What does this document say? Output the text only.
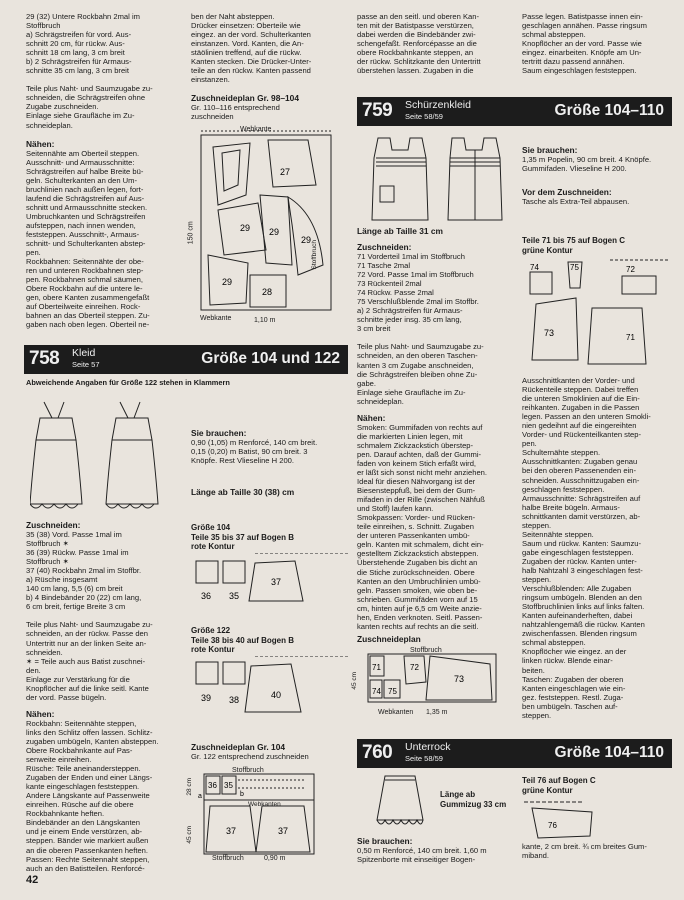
29 (32) Untere Rockbahn 2mal im
Stoffbruch
a) Schrägstreifen für vord. Aus-
schnitt 20 cm, für rückw. Aus-
schnitt 18 cm lang, 3 cm breit
b) 2 Schrägstreifen für Armaus-
schnitte 35 cm lang, 3 cm breit
Teile plus Naht- und Saumzugabe zu-
schneiden, die Schrägstreifen ohne
Zugabe zuschneiden.
Einlage siehe Graufläche im Zu-
schneideplan.
Nähen:
Seitennähte am Oberteil steppen.
Ausschnitt- und Armausschnitte:
Schrägstreifen auf halbe Breite bü-
geln. Schulterkanten an den Um-
bruchlinien nach außen legen, fort-
laufend die Schrägstreifen auf Aus-
schnitt und Armausschnitte stecken.
Umbruchkanten und Schrägstreifen
aufsteppen, nach innen wenden,
feststeppen. Ausschnitt-, Armaus-
schnitt- und Schulterkanten abstep-
pen.
Rockbahnen: Seitennähte der obe-
ren und unteren Rockbahnen step-
pen. Rockbahnen schmal säumen,
Obere Rockbahn auf die untere le-
gen, obere Kanten zusammengefaßt
auf Oberteilweite einreihen. Rock-
bahnen an das Oberteil steppen. Zu-
gaben nach oben legen. Oberteil ne-
ben der Naht absteppen.
Drücker einsetzen: Oberteile wie
eingez. an der vord. Schulterkanten
einstanzen. Vord. Kanten, die An-
stäölinien treffend, auf die rückw.
Kanten stecken. Die Drücker-Unter-
teile an den rückw. Kanten passend
einstanzen.
Zuschneideplan Gr. 98–104
Gr. 110–116 entsprechend
zuschneiden
27
29 29
29
29
28
Webkante
150 cm
Webkante	1,10 m
Stoffbruch
758 Kleid
Seite 57	Größe 104 und 122
Abweichende Angaben für Größe 122 stehen in Klammern
Sie brauchen:
0,90 (1,05) m Renforcé, 140 cm breit.
0,15 (0,20) m Batist, 90 cm breit. 3
Knöpfe. Rest Vlieseline H 200.
Länge ab Taille 30 (38) cm
Zuschneiden:
35 (38) Vord. Passe 1mal im
Stoffbruch ✶
36 (39) Rückw. Passe 1mal im
Stoffbruch ✶
37 (40) Rockbahn 2mal im Stoffbr.
a) Rüsche insgesamt
140 cm lang, 5,5 (6) cm breit
b) 4 Bindebänder 20 (22) cm lang,
6 cm breit, fertige Breite 3 cm
Teile plus Naht- und Saumzugabe zu-
schneiden, an der rückw. Passe den
Untertritt nur an der linken Seite an-
schneiden.
✶ = Teile auch aus Batist zuschnei-
den.
Einlage zur Verstärkung für die
Knopflöcher auf die linke seitl. Kante
der vord. Passe bügeln.
Nähen:
Rockbahn: Seitennähte steppen,
links den Schlitz offen lassen. Schlitz-
zugaben umbügeln, Kanten absteppen.
Obere Rockbahnkante auf Pas-
senweite einreihen.
Rüsche: Teile aneinandersteppen.
Zugaben der Enden und einer Längs-
kante eingeschlagen feststeppen.
Andere Längskante auf Passenweite
einreihen. Rüsche auf die obere
Rockbahnkante heften.
Bindebänder an den Längskanten
und je einem Ende verstürzen, ab-
steppen. Bänder wie markiert außen
an die oberen Passenkanten heften.
Passen: Rechte Seitennaht steppen,
auch an den Batistteilen. Renforcé-
Größe 104
Teile 35 bis 37 auf Bogen B
rote Kontur
36 35
37
Größe 122
Teile 38 bis 40 auf Bogen B
rote Kontur
39 38	40
Zuschneideplan Gr. 104
Gr. 122 entsprechend zuschneiden
36 35
37	37
a	b
Stoffbruch
Webkanten
28 cm
45 cm
Stoffbruch	0,90 m
passe an den seitl. und oberen Kan-
ten mit der Batistpasse verstürzen,
dabei werden die Bindebänder zwi-
schengefaßt. Renforcépasse an die
obere Rockbahnkante steppen, an
der rückw. Schlitzkante den Untertritt
überstehen lassen. Zugaben in die
Passe legen. Batistpasse innen ein-
geschlagen annähen. Passe ringsum
schmal absteppen.
Knopflöcher an der vord. Passe wie
eingez. einarbeiten. Knöpfe am Un-
tertritt dazu passend annähen.
Saum eingeschlagen feststeppen.
759 Schürzenkleid
Seite 58/59	Größe 104–110
Länge ab Taille 31 cm
Zuschneiden:
71 Vorderteil 1mal im Stoffbruch
71 Tasche 2mal
72 Vord. Passe 1mal im Stoffbruch
73 Rückenteil 2mal
74 Rückw. Passe 2mal
75 Verschlußblende 2mal im Stoffbr.
a) 2 Schrägstreifen für Armaus-
schnitte jeder insg. 35 cm lang,
3 cm breit
Teile plus Naht- und Saumzugabe zu-
schneiden, an den oberen Taschen-
kanten 3 cm Zugabe anschneiden,
die Schrägstreifen bleiben ohne Zu-
gabe.
Einlage siehe Graufläche im Zu-
schneideplan.
Nähen:
Smoken: Gummifaden von rechts auf
die markierten Linien legen, mit
schmalem Zickzackstich überstep-
pen. Darauf achten, daß der Gummi-
faden von keinem Stich erfaßt wird,
er läßt sich sonst nicht mehr anziehen.
Ideal für diesen Nähvorgang ist der
Biesensteppfuß, bei dem der Gum-
mifaden in der Rille (zwischen Nähfuß
und Stoff) laufen kann.
Smokpassen: Vorder- und Rücken-
teile einreihen, s. Schnitt. Zugaben
der unteren Passenkanten umbü-
geln. Kanten mit schmalem, dicht ein-
gestelltem Zickzackstich absteppen.
Überstehende Zugaben bis dicht an
die Stiche zurückschneiden. Obere
Kanten an den Umbruchlinien umbü-
geln. Passen smoken, wie oben be-
schrieben. Gummifäden vorn auf 15
cm, hinten auf je 6,5 cm Weite anzie-
hen, Enden verknoten. Seitl. Passen-
kanten rechts auf rechts an die seitl.
Zuschneideplan
71	72
73
74 75
Stoffbruch
Webkanten 1,35 m
45 cm
Sie brauchen:
1,35 m Popelin, 90 cm breit. 4 Knöpfe.
Gummifaden. Vlieseline H 200.
Vor dem Zuschneiden:
Tasche als Extra-Teil abpausen.
Teile 71 bis 75 auf Bogen C
grüne Kontur
74	75	72
73	71
Ausschnittkanten der Vorder- und
Rückenteile steppen. Dabei treffen
die unteren Smoklinien auf die Ein-
reihkanten. Zugaben in die Passen
legen. Passen an den unteren Smokli-
nien gedeihnt auf die eingereihten
Vorder- und Rückenteilkanten step-
pen.
Schulternähte steppen.
Ausschnittkanten: Zugaben genau
bei den oberen Passenenden ein-
schneiden. Ausschnittzugaben ein-
geschlagen feststeppen.
Armausschnitte: Schrägstreifen auf
halbe Breite bügeln. Armaus-
schnittkanten damit verstürzen, ab-
steppen.
Seitennähte steppen.
Saum und rückw. Kanten: Saumzu-
gabe eingeschlagen feststeppen.
Zugaben der rückw. Kanten unter-
halb Nahtzahl 3 eingeschlagen fest-
steppen.
Verschlußblenden: Alle Zugaben
ringsum umbügeln. Blenden an den
Stoffbruchlinien links auf links falten.
Kanten aufeinanderheften, dabei
nahtzahlengemäß die rückw. Kanten
zwischenfassen. Blenden ringsum
schmal absteppen.
Knopflöcher wie eingez. an der
linken rückw. Blende einar-
beiten.
Taschen: Zugaben der oberen
Kanten eingeschlagen wie ein-
gez. feststeppen. Restl. Zuga-
ben umbügeln. Taschen auf-
steppen.
760 Unterrock
Seite 58/59	Größe 104–110
Länge ab
Gummizug 33 cm
Sie brauchen:
0,50 m Renforcé, 140 cm breit. 1,60 m
Spitzenborte mit einseitiger Bogen-
Teil 76 auf Bogen C
grüne Kontur
76
kante, 2 cm breit. ¾ cm breites Gum-
miband.
42
